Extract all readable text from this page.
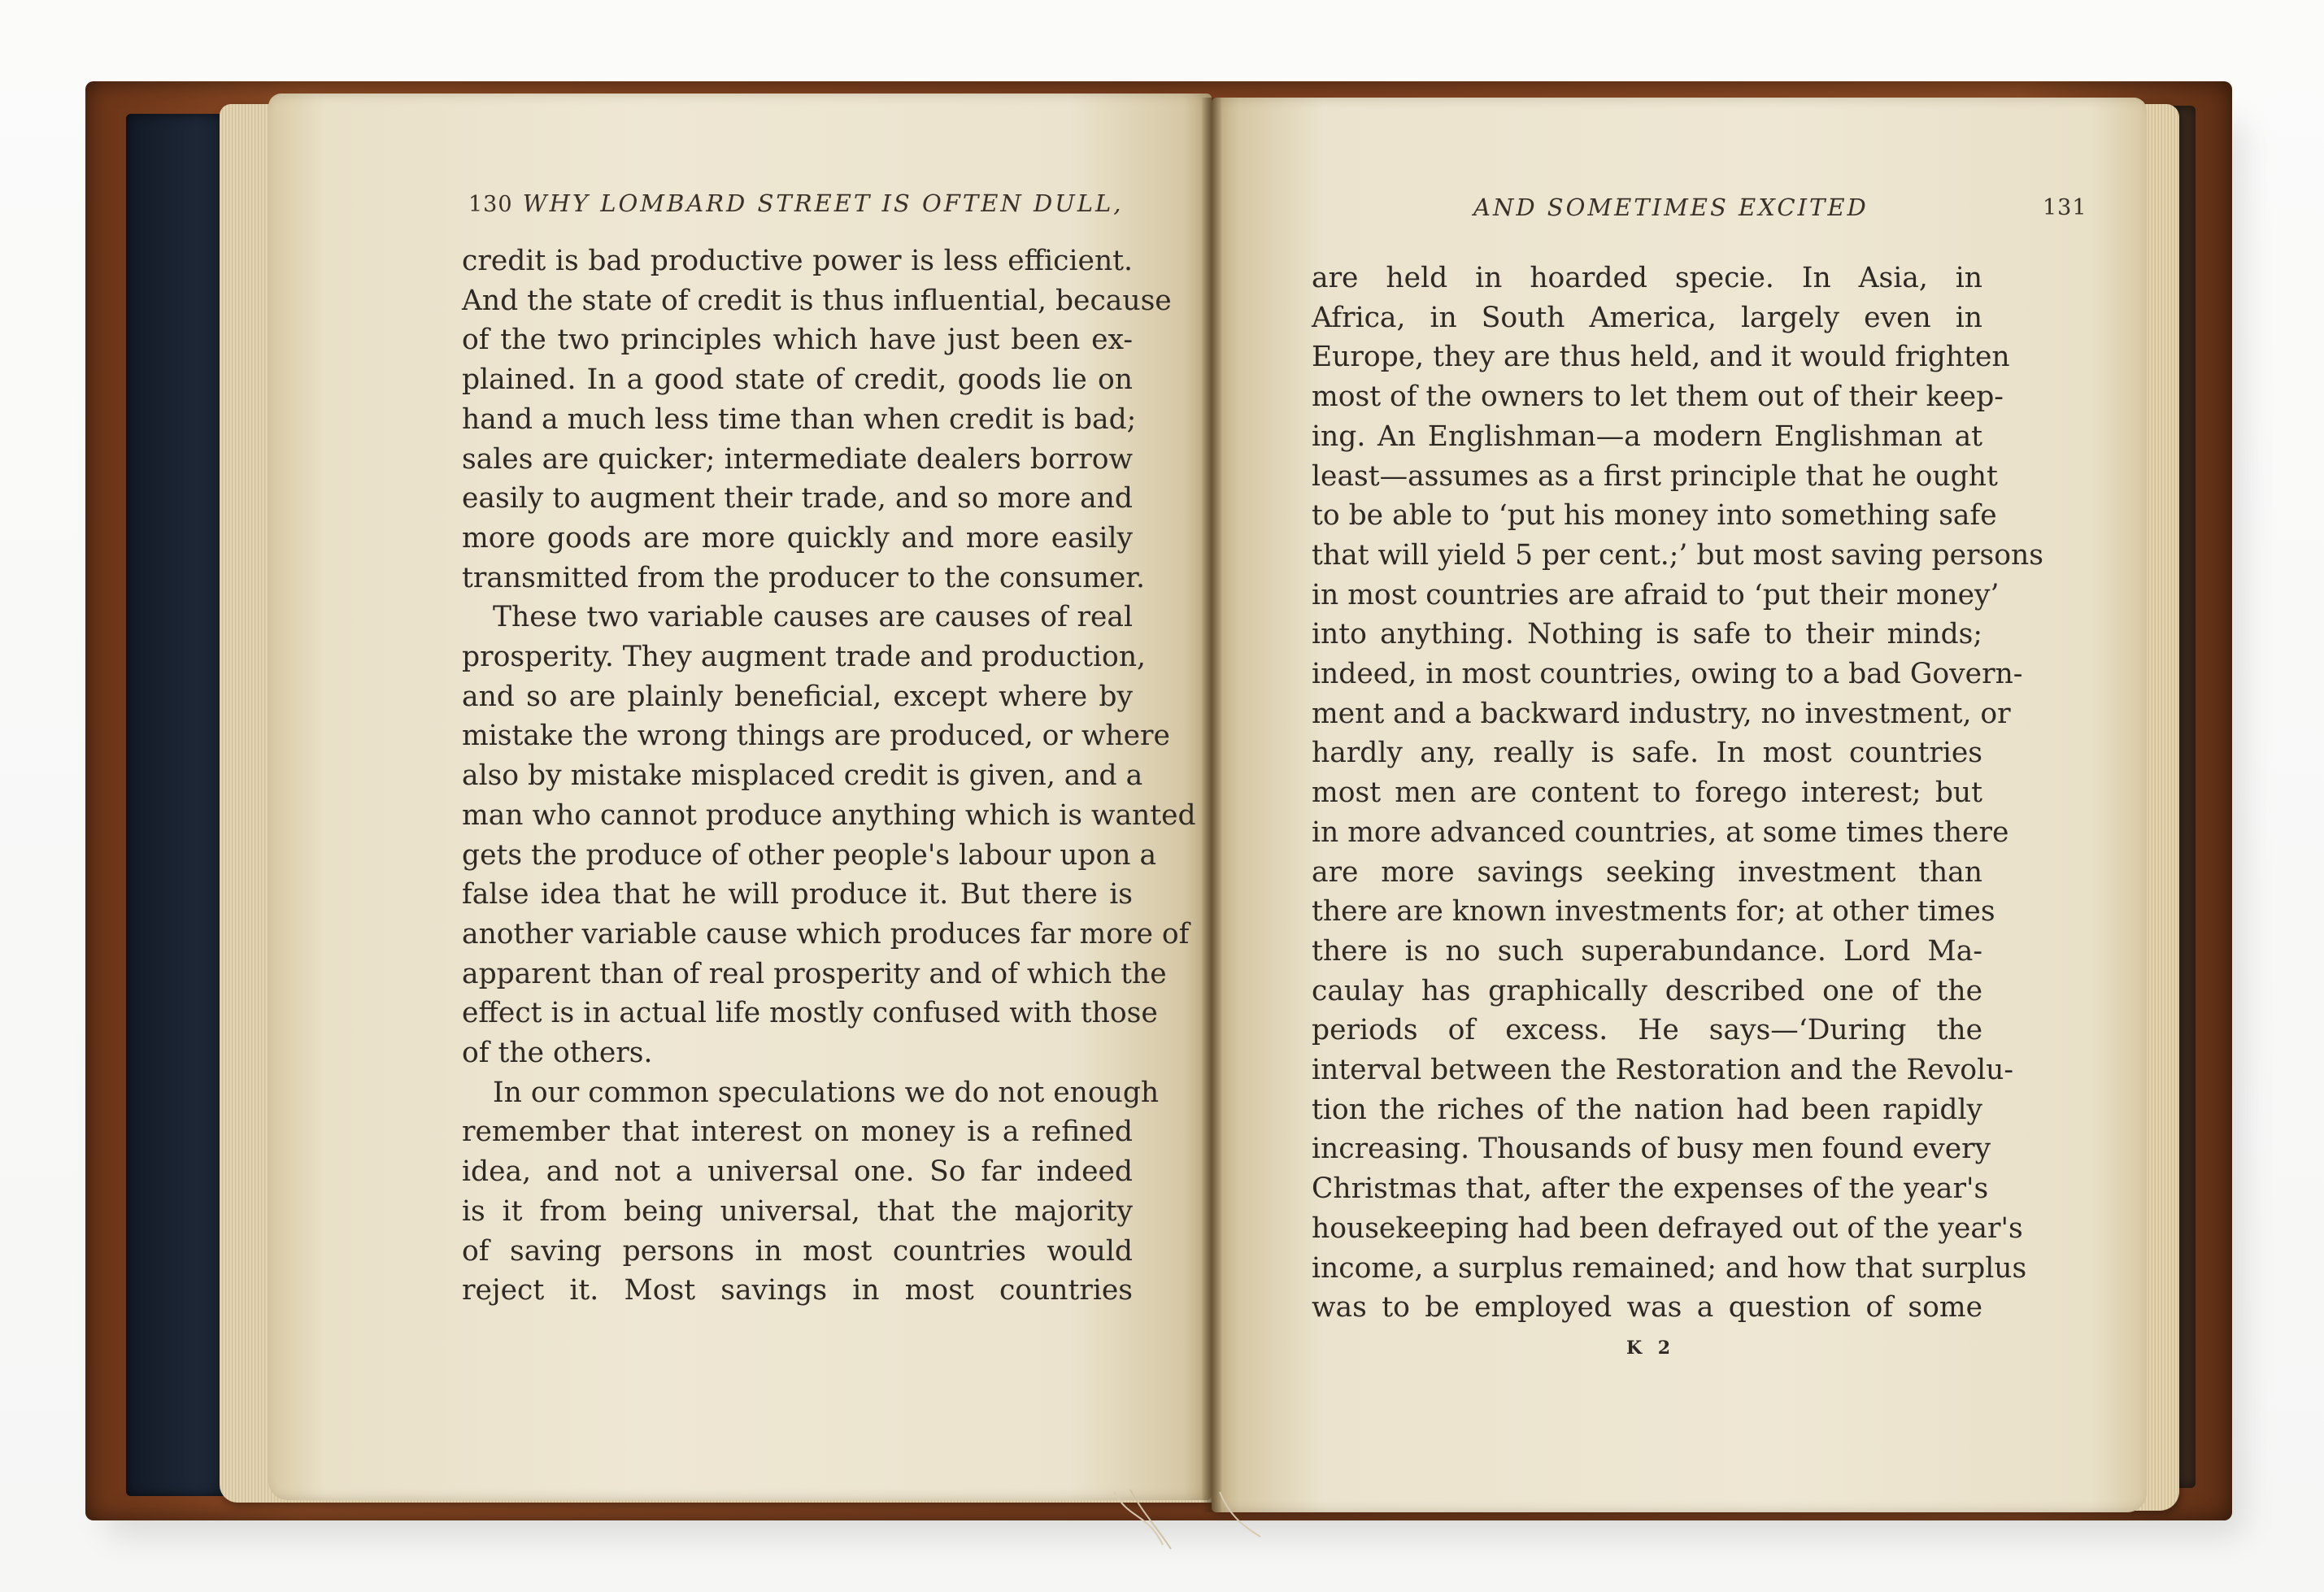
130 WHY LOMBARD STREET IS OFTEN DULL,
credit is bad productive power is less efficient.
And the state of credit is thus influential, because
of the two principles which have just been ex-
plained. In a good state of credit, goods lie on
hand a much less time than when credit is bad;
sales are quicker; intermediate dealers borrow
easily to augment their trade, and so more and
more goods are more quickly and more easily
transmitted from the producer to the consumer.
These two variable causes are causes of real
prosperity. They augment trade and production,
and so are plainly beneficial, except where by
mistake the wrong things are produced, or where
also by mistake misplaced credit is given, and a
man who cannot produce anything which is wanted
gets the produce of other people's labour upon a
false idea that he will produce it. But there is
another variable cause which produces far more of
apparent than of real prosperity and of which the
effect is in actual life mostly confused with those
of the others.
In our common speculations we do not enough
remember that interest on money is a refined
idea, and not a universal one. So far indeed
is it from being universal, that the majority
of saving persons in most countries would
reject it. Most savings in most countries
AND SOMETIMES EXCITED	131
are held in hoarded specie. In Asia, in
Africa, in South America, largely even in
Europe, they are thus held, and it would frighten
most of the owners to let them out of their keep-
ing. An Englishman—a modern Englishman at
least—assumes as a first principle that he ought
to be able to ‘put his money into something safe
that will yield 5 per cent.;’ but most saving persons
in most countries are afraid to ‘put their money’
into anything. Nothing is safe to their minds;
indeed, in most countries, owing to a bad Govern-
ment and a backward industry, no investment, or
hardly any, really is safe. In most countries
most men are content to forego interest; but
in more advanced countries, at some times there
are more savings seeking investment than
there are known investments for; at other times
there is no such superabundance. Lord Ma-
caulay has graphically described one of the
periods of excess. He says—‘During the
interval between the Restoration and the Revolu-
tion the riches of the nation had been rapidly
increasing. Thousands of busy men found every
Christmas that, after the expenses of the year's
housekeeping had been defrayed out of the year's
income, a surplus remained; and how that surplus
was to be employed was a question of some
K 2
